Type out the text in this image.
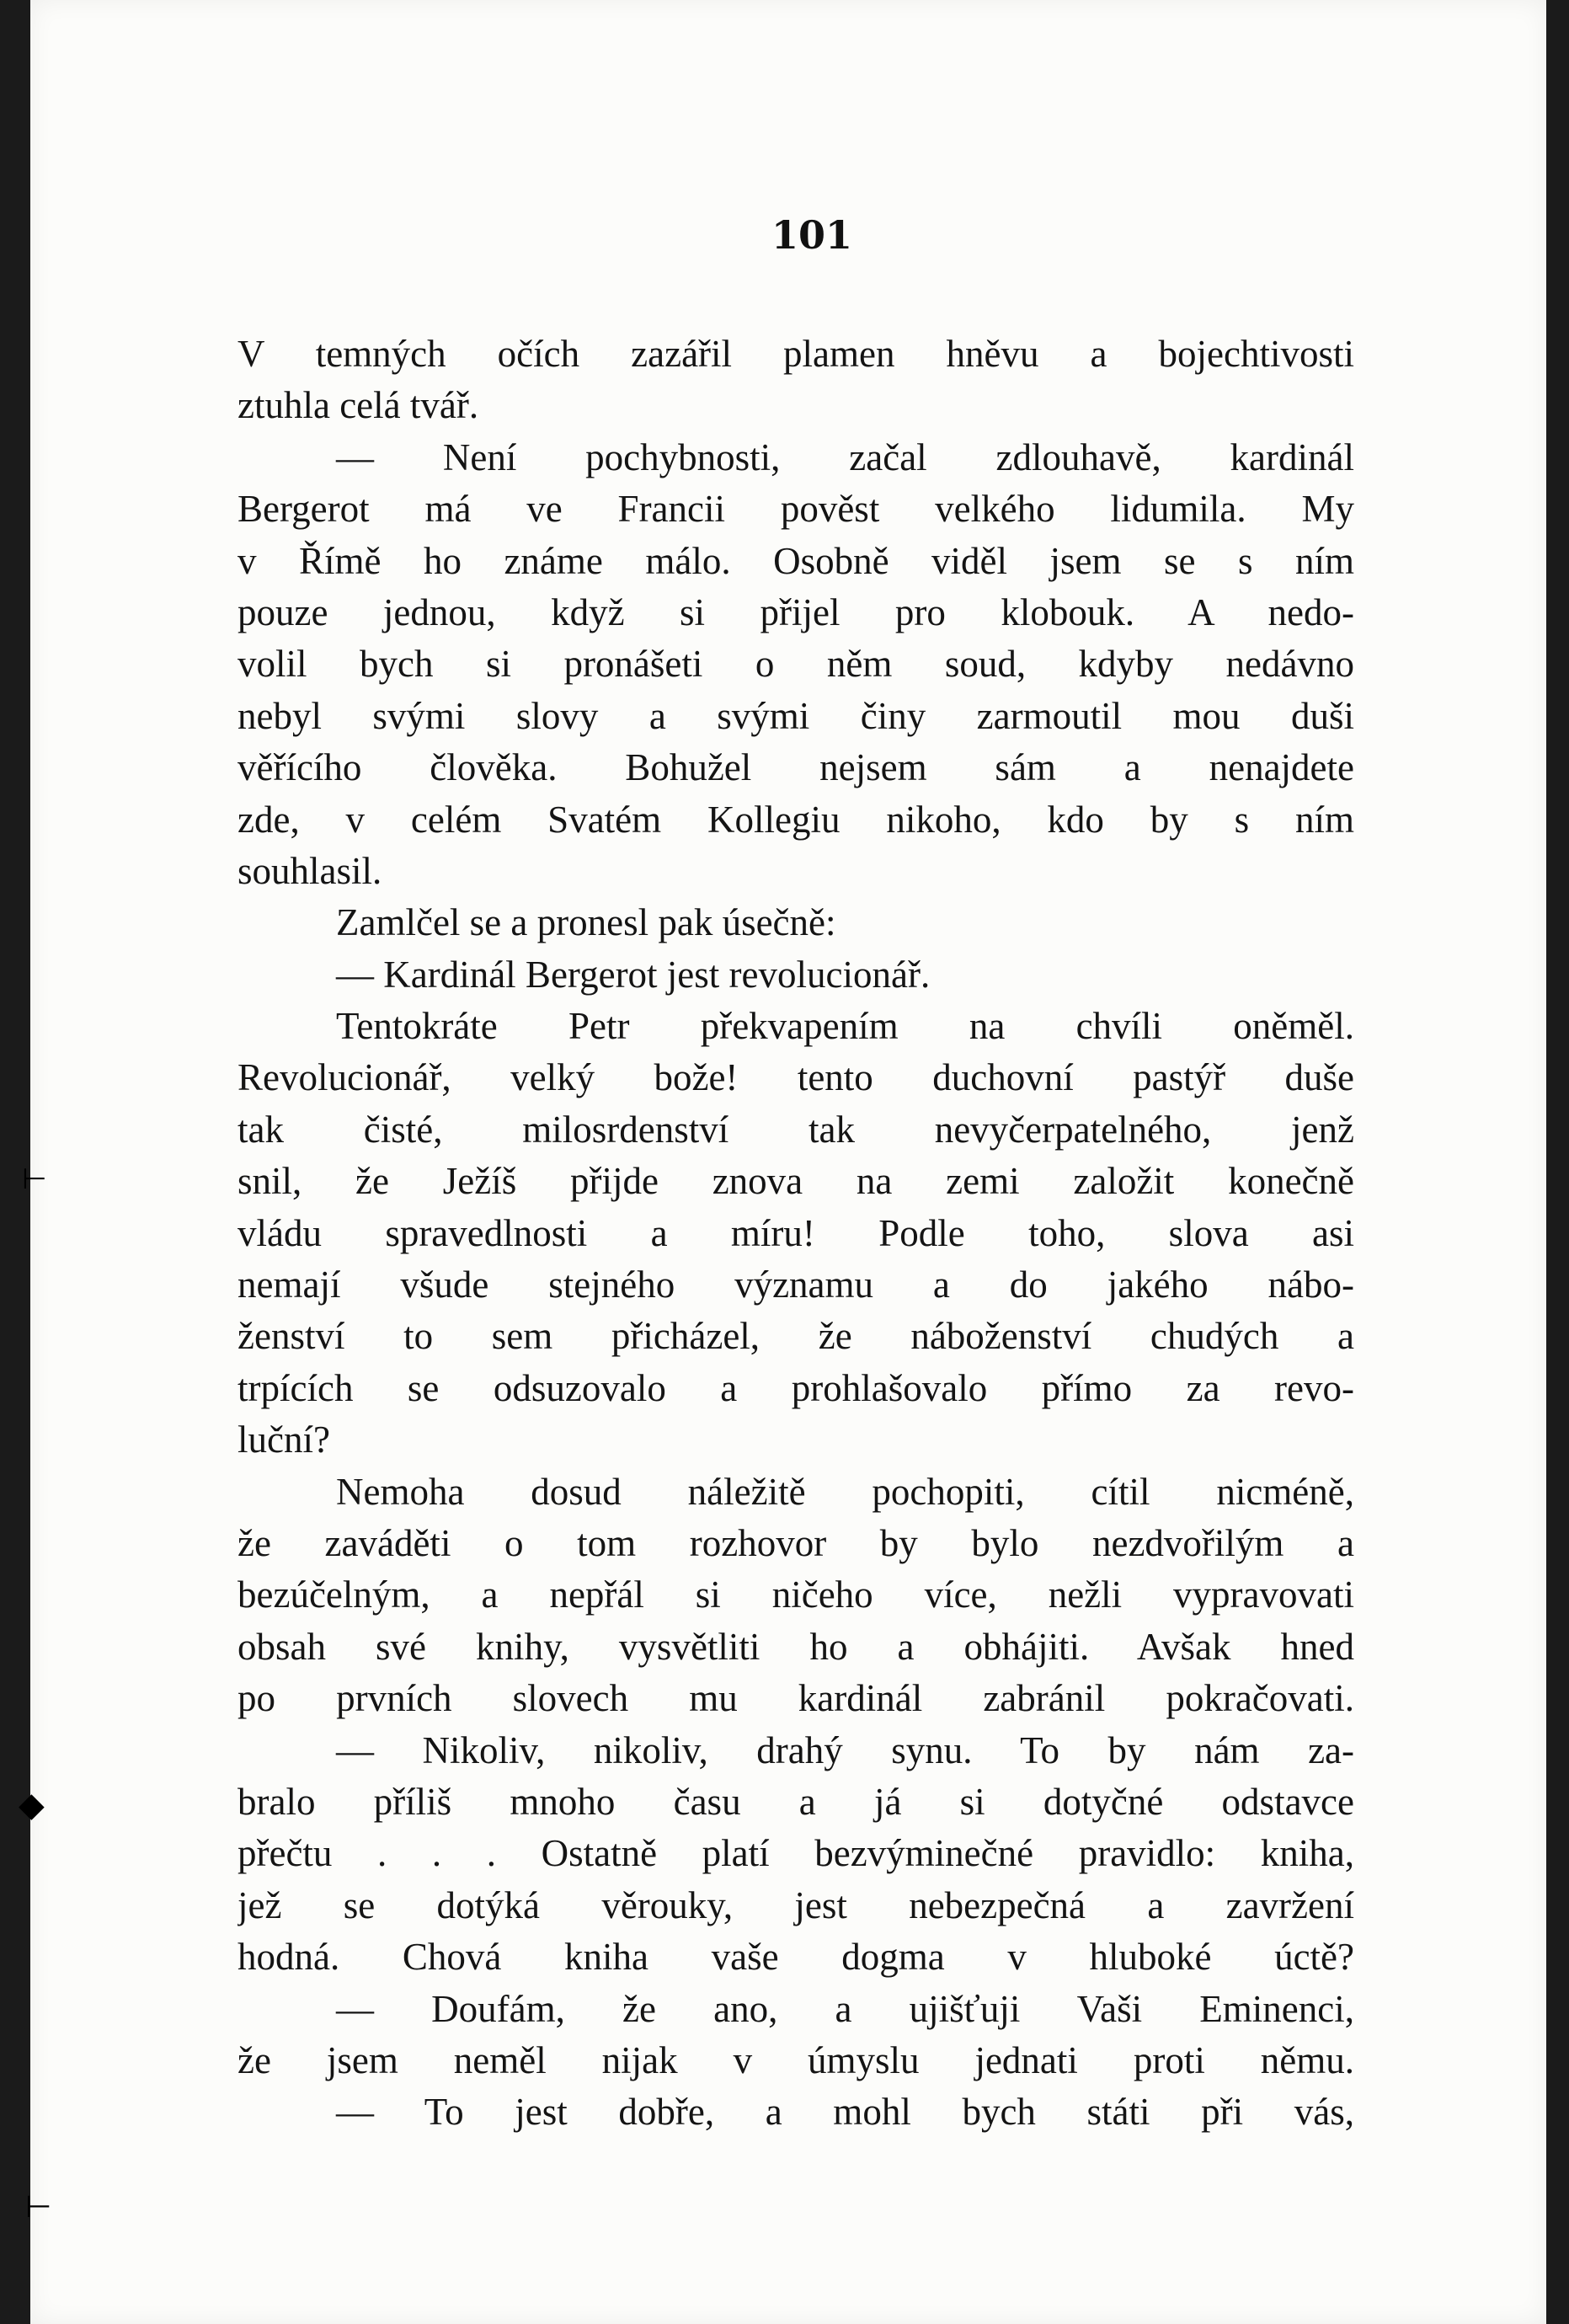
101
V temných očích zazářil plamen hněvu a bojechtivosti
ztuhla celá tvář.
— Není pochybnosti, začal zdlouhavě, kardinál
Bergerot má ve Francii pověst velkého lidumila. My
v Římě ho známe málo. Osobně viděl jsem se s ním
pouze jednou, když si přijel pro klobouk. A nedo-
volil bych si pronášeti o něm soud, kdyby nedávno
nebyl svými slovy a svými činy zarmoutil mou duši
věřícího člověka. Bohužel nejsem sám a nenajdete
zde, v celém Svatém Kollegiu nikoho, kdo by s ním
souhlasil.
Zamlčel se a pronesl pak úsečně:
— Kardinál Bergerot jest revolucionář.
Tentokráte Petr překvapením na chvíli oněměl.
Revolucionář, velký bože! tento duchovní pastýř duše
tak čisté, milosrdenství tak nevyčerpatelného, jenž
snil, že Ježíš přijde znova na zemi založit konečně
vládu spravedlnosti a míru! Podle toho, slova asi
nemají všude stejného významu a do jakého nábo-
ženství to sem přicházel, že náboženství chudých a
trpících se odsuzovalo a prohlašovalo přímo za revo-
luční?
Nemoha dosud náležitě pochopiti, cítil nicméně,
že zaváděti o tom rozhovor by bylo nezdvořilým a
bezúčelným, a nepřál si ničeho více, nežli vypravovati
obsah své knihy, vysvětliti ho a obhájiti. Avšak hned
po prvních slovech mu kardinál zabránil pokračovati.
— Nikoliv, nikoliv, drahý synu. To by nám za-
bralo příliš mnoho času a já si dotyčné odstavce
přečtu . . . Ostatně platí bezvýminečné pravidlo: kniha,
jež se dotýká věrouky, jest nebezpečná a zavržení
hodná. Chová kniha vaše dogma v hluboké úctě?
— Doufám, že ano, a ujišťuji Vaši Eminenci,
že jsem neměl nijak v úmyslu jednati proti němu.
— To jest dobře, a mohl bych státi při vás,
⊢
◆
⊢
